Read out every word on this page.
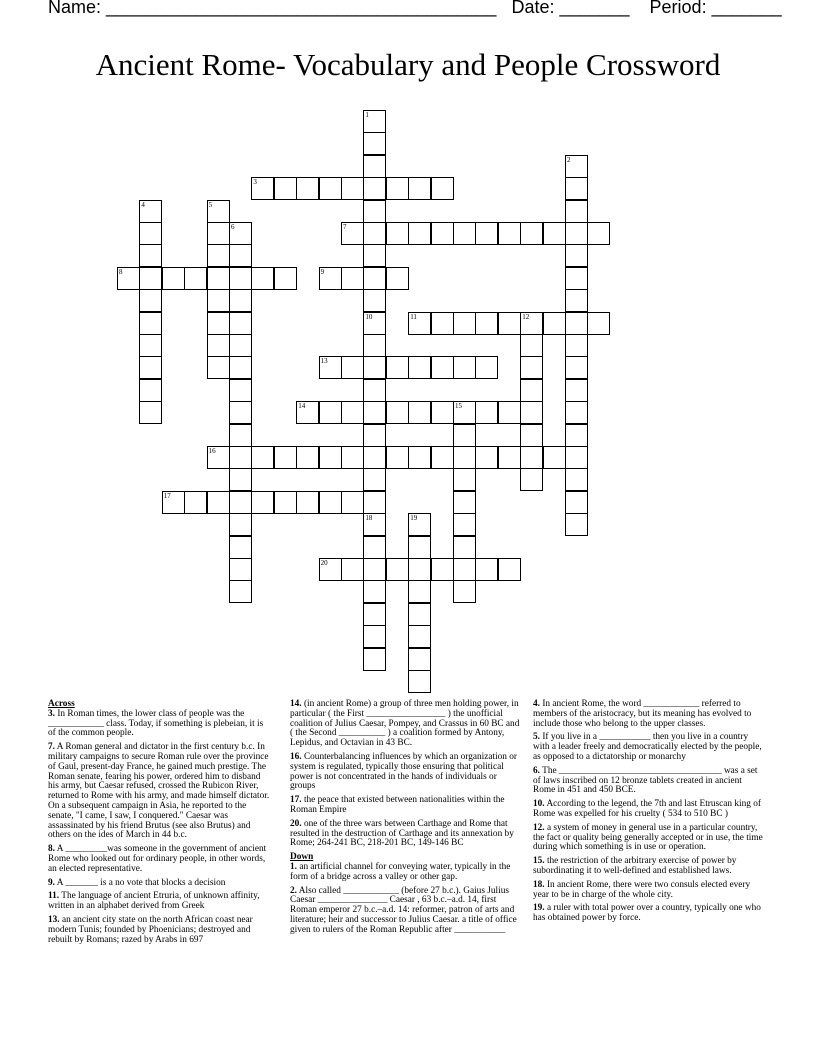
Name: _______________________________________   Date: _______    Period: _______
Ancient Rome- Vocabulary and People Crossword
1
2
3
4	5
6	7
8	9
10	11	12
13
14	15
16
17
18	19
20
Across

3. In Roman times, the lower class of people was the ____________ class. Today, if something is plebeian, it is of the common people.

7. A Roman general and dictator in the first century b.c. In military campaigns to secure Roman rule over the province of Gaul, present-day France, he gained much prestige. The Roman senate, fearing his power, ordered him to disband his army, but Caesar refused, crossed the Rubicon River, returned to Rome with his army, and made himself dictator. On a subsequent campaign in Asia, he reported to the senate, "I came, I saw, I conquered." Caesar was assassinated by his friend Brutus (see also Brutus) and others on the ides of March in 44 b.c.

8. A _________was someone in the government of ancient Rome who looked out for ordinary people, in other words, an elected representative.

9. A _______ is a no vote that blocks a decision

11. The language of ancient Etruria, of unknown affinity, written in an alphabet derived from Greek

13. an ancient city state on the north African coast near modern Tunis; founded by Phoenicians; destroyed and rebuilt by Romans; razed by Arabs in 697

14. (in ancient Rome) a group of three men holding power, in particular ( the First _________________ ) the unofficial coalition of Julius Caesar, Pompey, and Crassus in 60 BC and ( the Second __________ ) a coalition formed by Antony, Lepidus, and Octavian in 43 BC.

16. Counterbalancing influences by which an organization or system is regulated, typically those ensuring that political power is not concentrated in the hands of individuals or groups

17. the peace that existed between nationalities within the Roman Empire

20. one of the three wars between Carthage and Rome that resulted in the destruction of Carthage and its annexation by Rome; 264-241 BC, 218-201 BC, 149-146 BC

Down

1. an artificial channel for conveying water, typically in the form of a bridge across a valley or other gap.

2. Also called ____________ (before 27 b.c.). Gaius Julius Caesar _______________ Caesar , 63 b.c.–a.d. 14, first Roman emperor 27 b.c.–a.d. 14: reformer, patron of arts and literature; heir and successor to Julius Caesar. a title of office given to rulers of the Roman Republic after ___________

4. In ancient Rome, the word ____________ referred to members of the aristocracy, but its meaning has evolved to include those who belong to the upper classes.

5. If you live in a ___________ then you live in a country with a leader freely and democratically elected by the people, as opposed to a dictatorship or monarchy

6. The ___________________________________ was a set of laws inscribed on 12 bronze tablets created in ancient Rome in 451 and 450 BCE.

10. According to the legend, the 7th and last Etruscan king of Rome was expelled for his cruelty ( 534 to 510 BC )

12. a system of money in general use in a particular country, the fact or quality being generally accepted or in use, the time during which something is in use or operation.

15. the restriction of the arbitrary exercise of power by subordinating it to well-defined and established laws.

18. In ancient Rome, there were two consuls elected every year to be in charge of the whole city.

19. a ruler with total power over a country, typically one who has obtained power by force.
